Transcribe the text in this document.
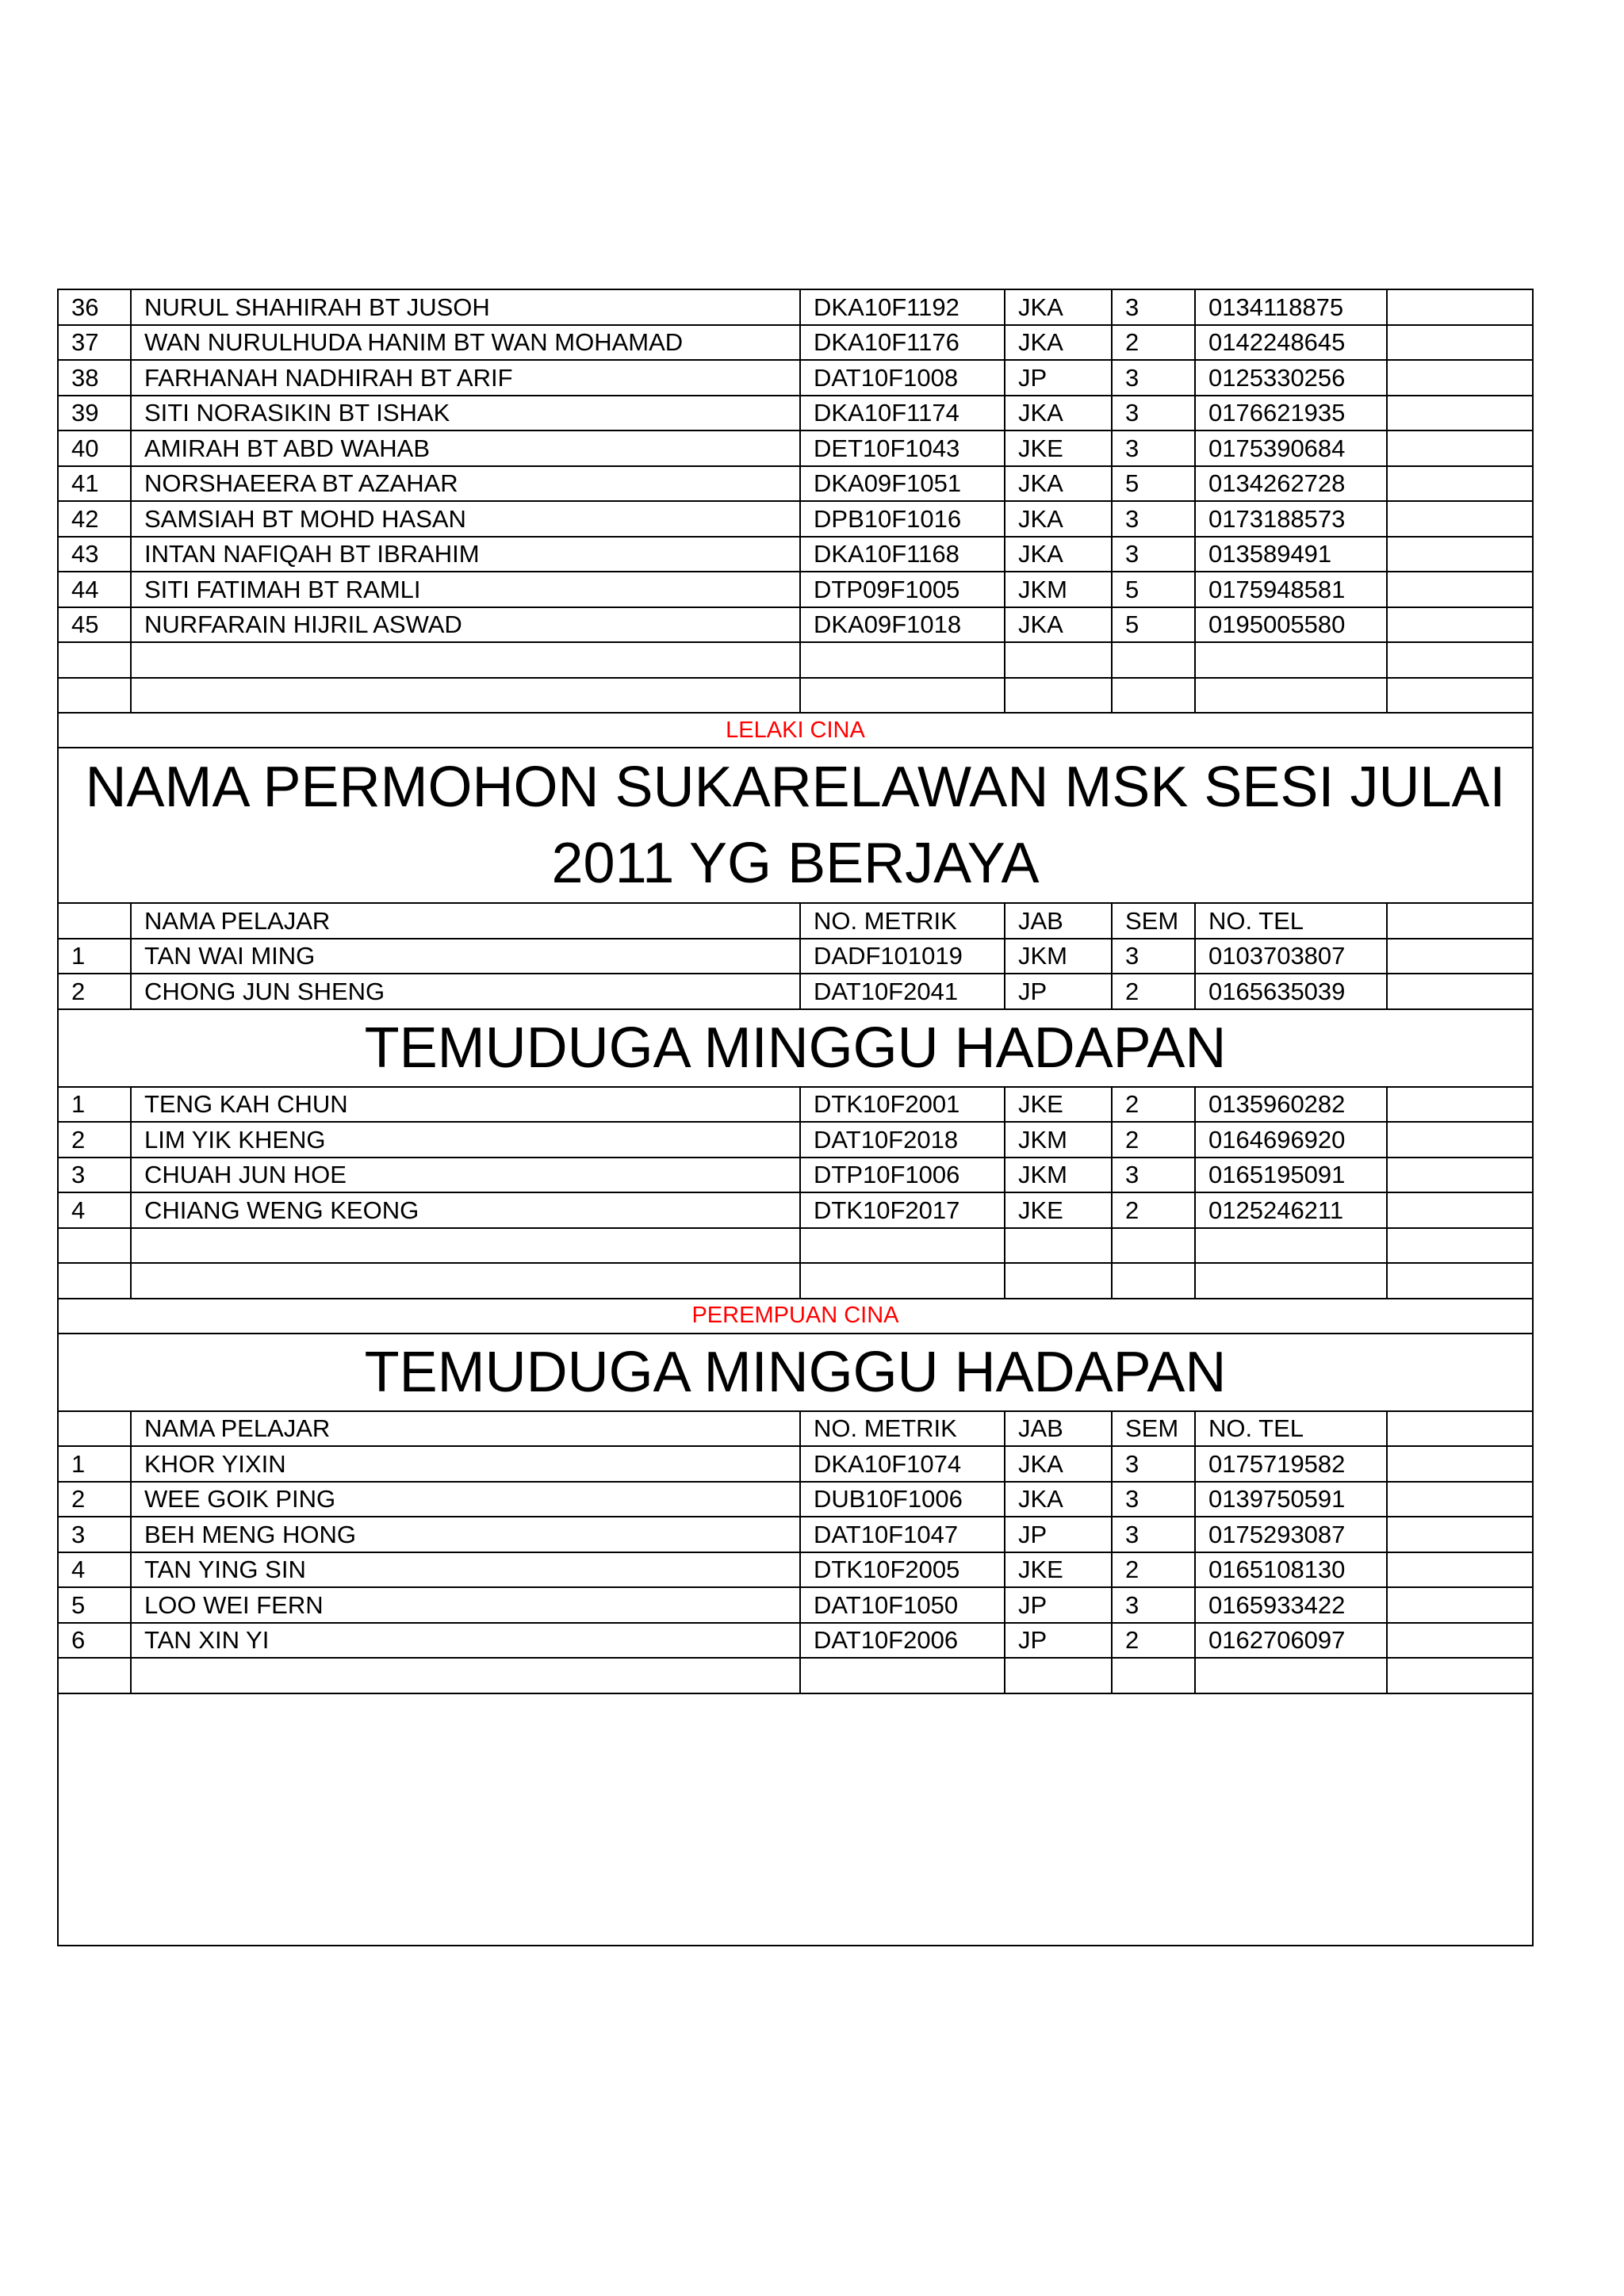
36	NURUL SHAHIRAH BT JUSOH	DKA10F1192	JKA	3	0134118875	
37	WAN NURULHUDA HANIM BT WAN MOHAMAD	DKA10F1176	JKA	2	0142248645	
38	FARHANAH NADHIRAH BT ARIF	DAT10F1008	JP	3	0125330256	
39	SITI NORASIKIN BT ISHAK	DKA10F1174	JKA	3	0176621935	
40	AMIRAH BT ABD WAHAB	DET10F1043	JKE	3	0175390684	
41	NORSHAEERA BT AZAHAR	DKA09F1051	JKA	5	0134262728	
42	SAMSIAH BT MOHD HASAN	DPB10F1016	JKA	3	0173188573	
43	INTAN NAFIQAH BT IBRAHIM	DKA10F1168	JKA	3	013589491	
44	SITI FATIMAH BT RAMLI	DTP09F1005	JKM	5	0175948581	
45	NURFARAIN HIJRIL ASWAD	DKA09F1018	JKA	5	0195005580	

LELAKI CINA						
NAMA PERMOHON SUKARELAWAN MSK SESI JULAI 2011 YG BERJAYA						
	NAMA PELAJAR	NO. METRIK	JAB	SEM	NO. TEL	
1	TAN WAI MING	DADF101019	JKM	3	0103703807	
2	CHONG JUN SHENG	DAT10F2041	JP	2	0165635039	
TEMUDUGA MINGGU HADAPAN						
1	TENG KAH CHUN	DTK10F2001	JKE	2	0135960282	
2	LIM YIK KHENG	DAT10F2018	JKM	2	0164696920	
3	CHUAH JUN HOE	DTP10F1006	JKM	3	0165195091	
4	CHIANG WENG KEONG	DTK10F2017	JKE	2	0125246211	

PEREMPUAN CINA						
TEMUDUGA MINGGU HADAPAN						
	NAMA PELAJAR	NO. METRIK	JAB	SEM	NO. TEL	
1	KHOR YIXIN	DKA10F1074	JKA	3	0175719582	
2	WEE GOIK PING	DUB10F1006	JKA	3	0139750591	
3	BEH MENG HONG	DAT10F1047	JP	3	0175293087	
4	TAN YING SIN	DTK10F2005	JKE	2	0165108130	
5	LOO WEI FERN	DAT10F1050	JP	3	0165933422	
6	TAN XIN YI	DAT10F2006	JP	2	0162706097	
